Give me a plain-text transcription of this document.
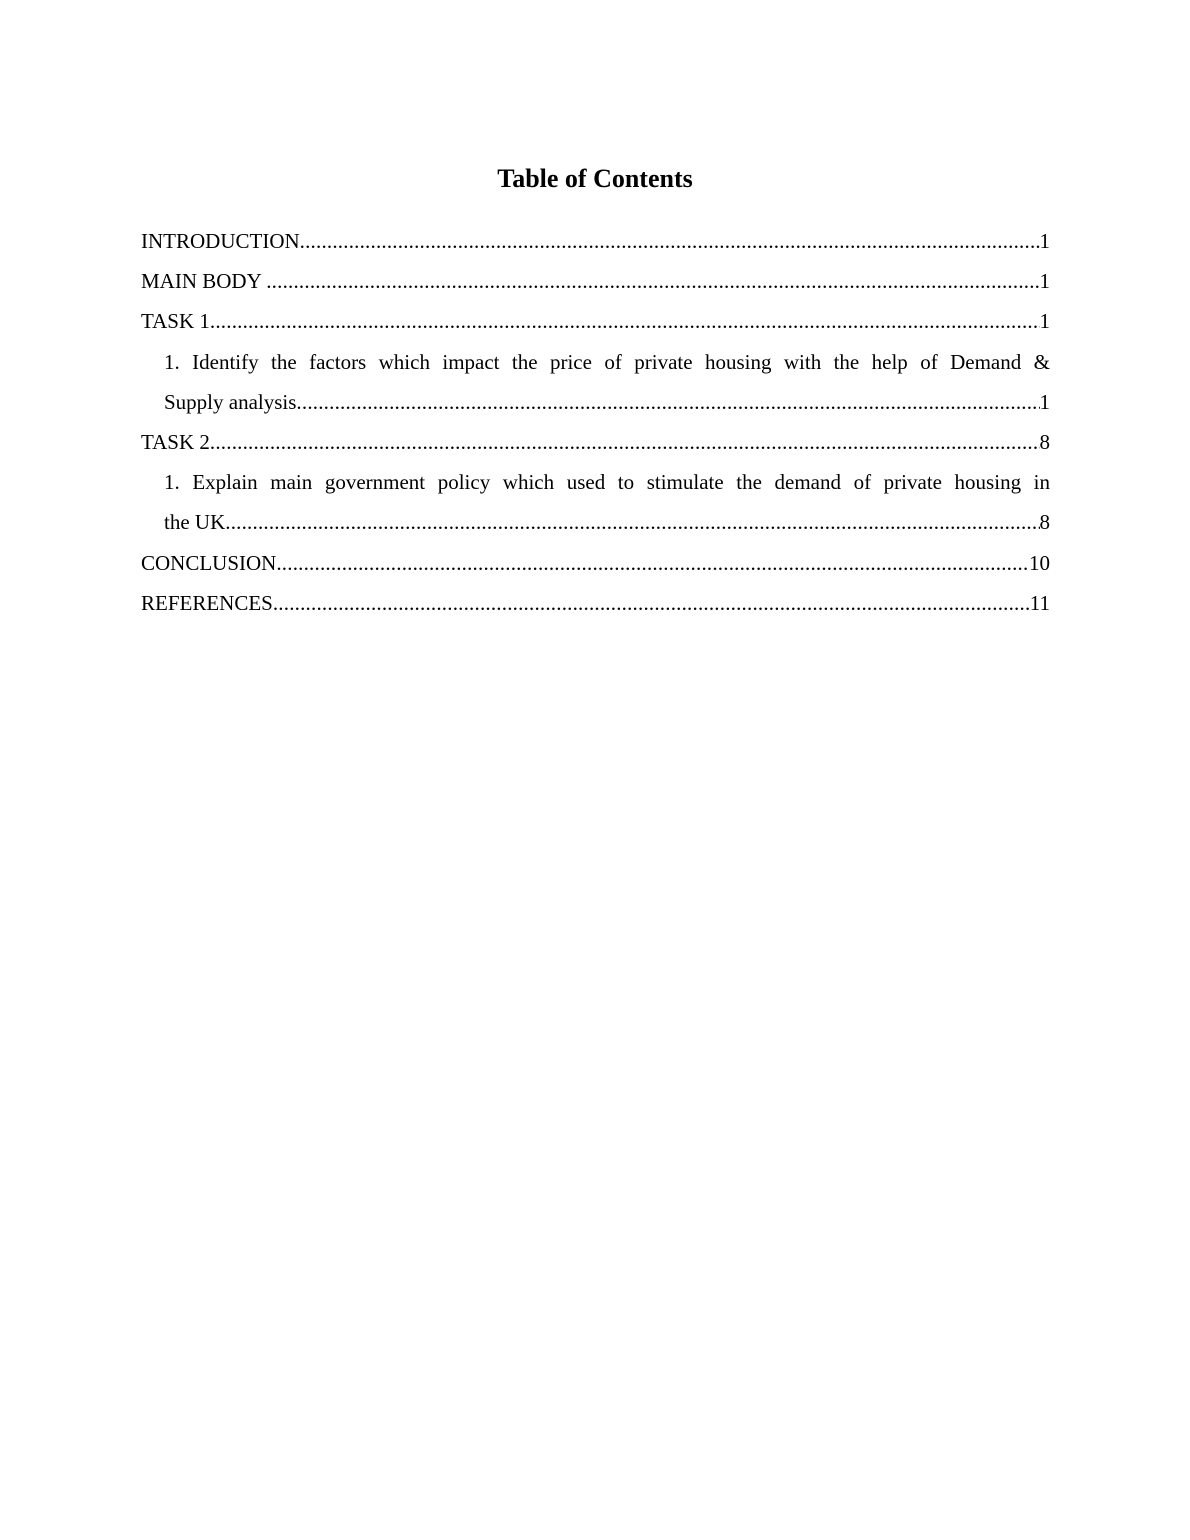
Table of Contents
INTRODUCTION .....	1
MAIN BODY .....	1
TASK 1 .....	1
1. Identify the factors which impact the price of private housing with the help of Demand &
Supply analysis .....	1
TASK 2 .....	8
1. Explain main government policy which used to stimulate the demand of private housing in
the UK .....	8
CONCLUSION .....	10
REFERENCES .....	11
